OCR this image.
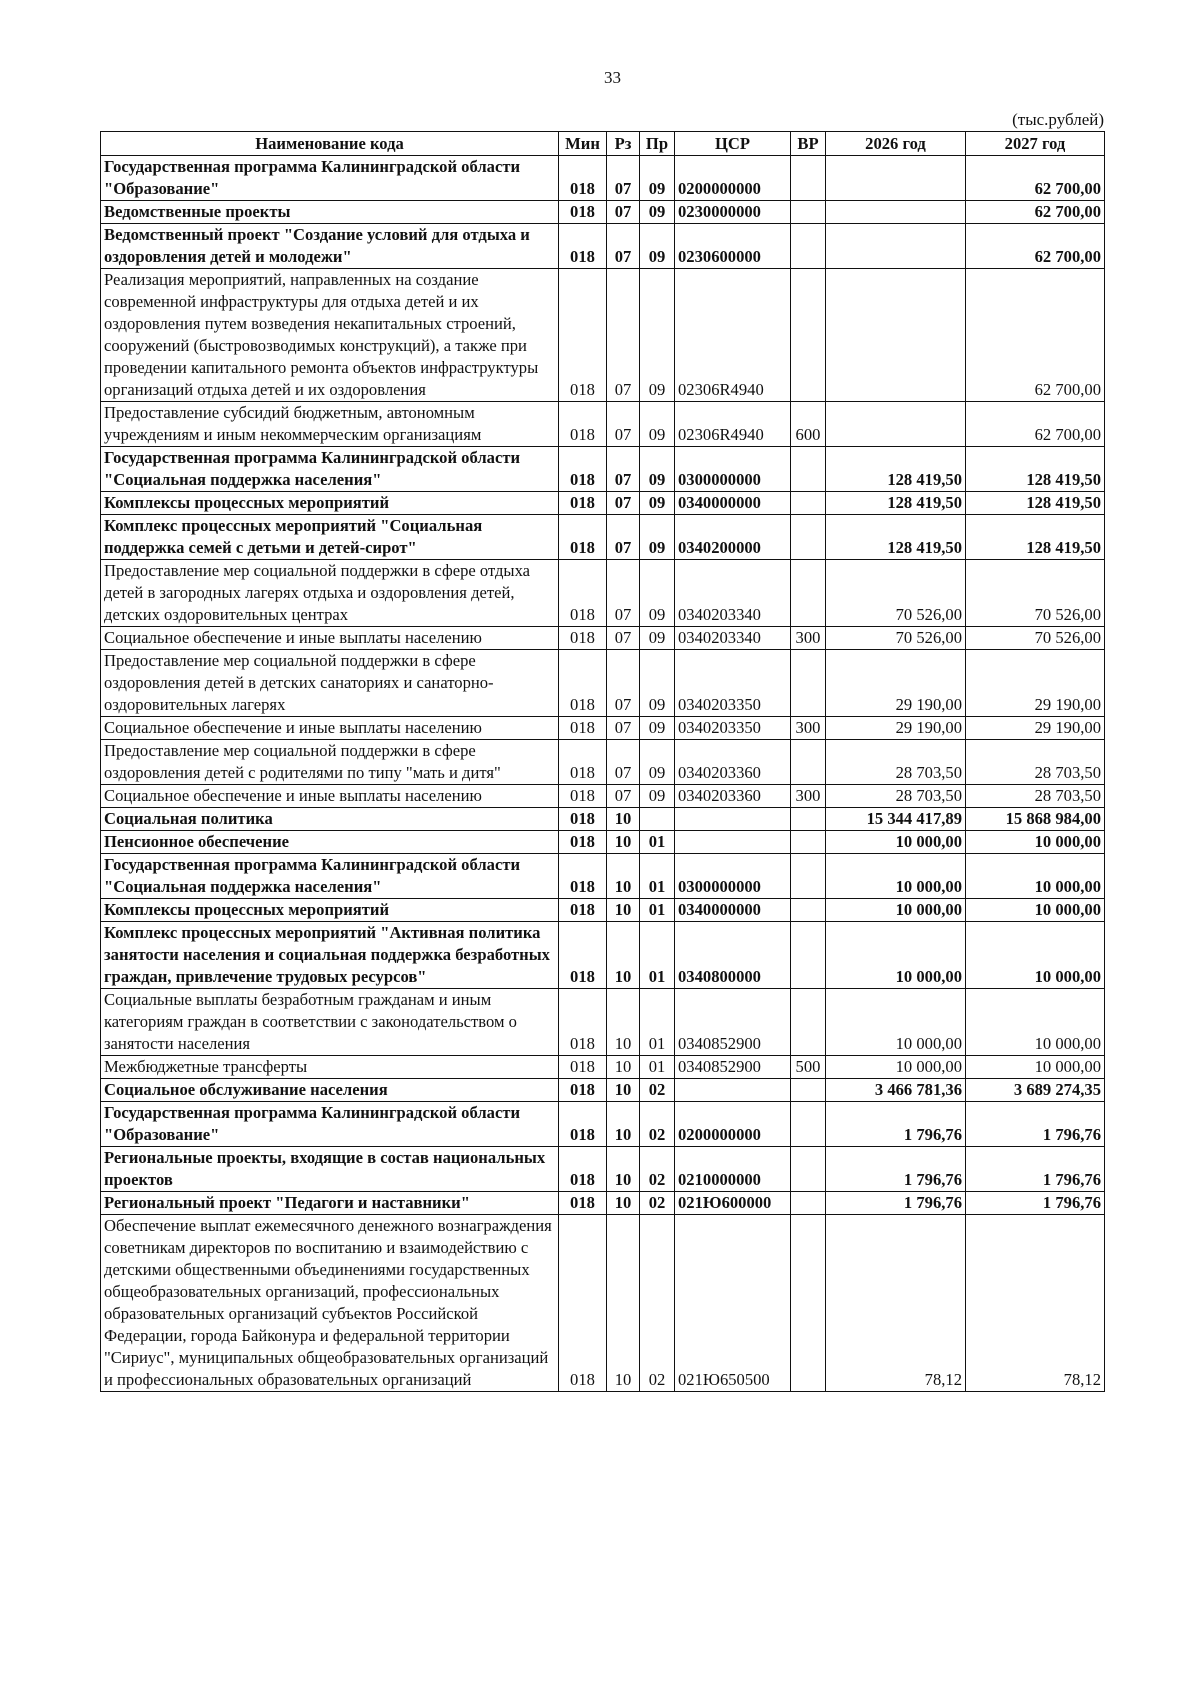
33
(тыс.рублей)
Наименование кода	Мин	Рз	Пр	ЦСР	ВР	2026 год	2027 год
Государственная программа Калининградской области "Образование"	018	07	09	0200000000			62 700,00
Ведомственные проекты	018	07	09	0230000000			62 700,00
Ведомственный проект "Создание условий для отдыха и оздоровления детей и молодежи"	018	07	09	0230600000			62 700,00
Реализация мероприятий, направленных на создание современной инфраструктуры для отдыха детей и их оздоровления путем возведения некапитальных строений, сооружений (быстровозводимых конструкций), а также при проведении капитального ремонта объектов инфраструктуры организаций отдыха детей и их оздоровления	018	07	09	02306R4940			62 700,00
Предоставление субсидий бюджетным, автономным учреждениям и иным некоммерческим организациям	018	07	09	02306R4940	600		62 700,00
Государственная программа Калининградской области "Социальная поддержка населения"	018	07	09	0300000000		128 419,50	128 419,50
Комплексы процессных мероприятий	018	07	09	0340000000		128 419,50	128 419,50
Комплекс процессных мероприятий "Социальная поддержка семей с детьми и детей-сирот"	018	07	09	0340200000		128 419,50	128 419,50
Предоставление мер социальной поддержки в сфере отдыха детей в загородных лагерях отдыха и оздоровления детей, детских оздоровительных центрах	018	07	09	0340203340		70 526,00	70 526,00
Социальное обеспечение и иные выплаты населению	018	07	09	0340203340	300	70 526,00	70 526,00
Предоставление мер социальной поддержки в сфере оздоровления детей в детских санаториях и санаторно-оздоровительных лагерях	018	07	09	0340203350		29 190,00	29 190,00
Социальное обеспечение и иные выплаты населению	018	07	09	0340203350	300	29 190,00	29 190,00
Предоставление мер социальной поддержки в сфере оздоровления детей с родителями по типу "мать и дитя"	018	07	09	0340203360		28 703,50	28 703,50
Социальное обеспечение и иные выплаты населению	018	07	09	0340203360	300	28 703,50	28 703,50
Социальная политика	018	10				15 344 417,89	15 868 984,00
Пенсионное обеспечение	018	10	01			10 000,00	10 000,00
Государственная программа Калининградской области "Социальная поддержка населения"	018	10	01	0300000000		10 000,00	10 000,00
Комплексы процессных мероприятий	018	10	01	0340000000		10 000,00	10 000,00
Комплекс процессных мероприятий "Активная политика занятости населения и социальная поддержка безработных граждан, привлечение трудовых ресурсов"	018	10	01	0340800000		10 000,00	10 000,00
Социальные выплаты безработным гражданам и иным категориям граждан в соответствии с законодательством о занятости населения	018	10	01	0340852900		10 000,00	10 000,00
Межбюджетные трансферты	018	10	01	0340852900	500	10 000,00	10 000,00
Социальное обслуживание населения	018	10	02			3 466 781,36	3 689 274,35
Государственная программа Калининградской области "Образование"	018	10	02	0200000000		1 796,76	1 796,76
Региональные проекты, входящие в состав национальных проектов	018	10	02	0210000000		1 796,76	1 796,76
Региональный проект "Педагоги и наставники"	018	10	02	021Ю600000		1 796,76	1 796,76
Обеспечение выплат ежемесячного денежного вознаграждения советникам директоров по воспитанию и взаимодействию с детскими общественными объединениями государственных общеобразовательных организаций, профессиональных образовательных организаций субъектов Российской Федерации, города Байконура и федеральной территории "Сириус", муниципальных общеобразовательных организаций и профессиональных образовательных организаций	018	10	02	021Ю650500		78,12	78,12
